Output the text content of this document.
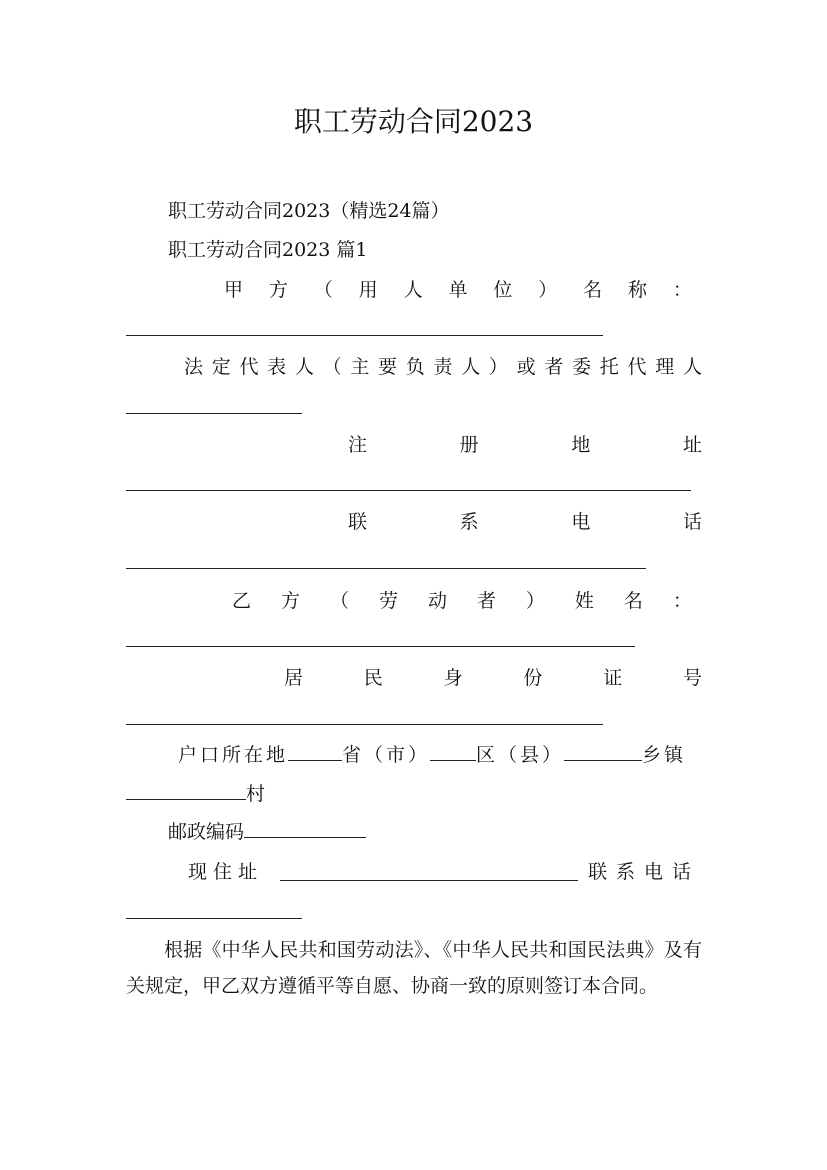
职工劳动合同2023

职工劳动合同2023（精选24篇）

职工劳动合同2023 篇1

甲 方 （ 用 人 单 位 ） 名 称 ：
法 定 代 表 人 （ 主 要 负 责 人 ） 或 者 委 托 代 理 人
注	册	地	址
联	系	电	话
乙 方 （ 劳 动 者 ） 姓 名 ：
居	民	身	份	证	号
户口所在地	省（市） 区（县）	乡镇
村
邮政编码
现住址	联系电话

根据《中华人民共和国劳动法》、《中华人民共和国民法典》及有关规定，甲乙双方遵循平等自愿、协商一致的原则签订本合同。
